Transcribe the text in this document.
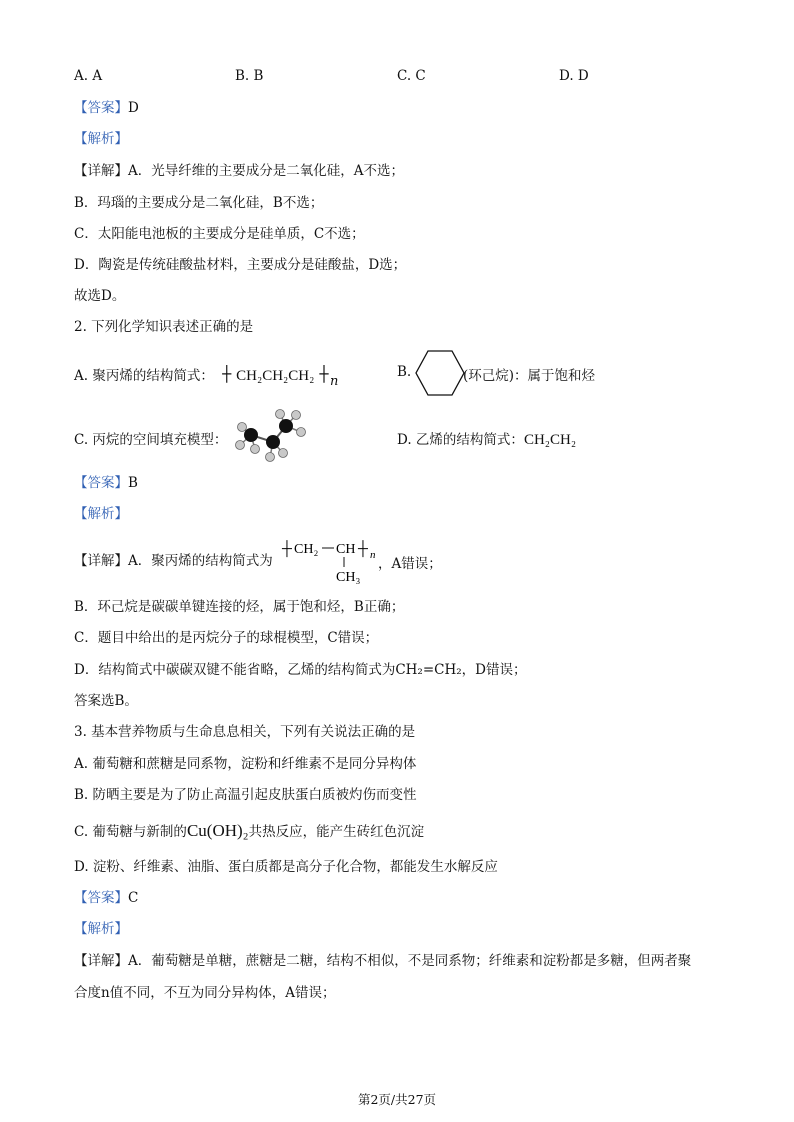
A. A	B. B	C. C	D. D
【答案】D
【解析】
【详解】A．光导纤维的主要成分是二氧化硅，A不选；
B．玛瑙的主要成分是二氧化硅，B不选；
C．太阳能电池板的主要成分是硅单质，C不选；
D．陶瓷是传统硅酸盐材料，主要成分是硅酸盐，D选；
故选D。
2. 下列化学知识表述正确的是
A. 聚丙烯的结构简式： ┼ CH₂CH₂CH₂ ┼ n
B.	(环己烷)：属于饱和烃
C. 丙烷的空间填充模型：	D. 乙烯的结构简式：CH₂CH₂
【答案】B
【解析】
【详解】A．聚丙烯的结构简式为
┼ CH₂ CH ┼ n
CH₃
，A错误；
B．环己烷是碳碳单键连接的烃，属于饱和烃，B正确；
C．题目中给出的是丙烷分子的球棍模型，C错误；
D．结构简式中碳碳双键不能省略，乙烯的结构简式为CH₂=CH₂，D错误；
答案选B。
3. 基本营养物质与生命息息相关，下列有关说法正确的是
A. 葡萄糖和蔗糖是同系物，淀粉和纤维素不是同分异构体
B. 防晒主要是为了防止高温引起皮肤蛋白质被灼伤而变性
C. 葡萄糖与新制的Cu(OH)₂共热反应，能产生砖红色沉淀
D. 淀粉、纤维素、油脂、蛋白质都是高分子化合物，都能发生水解反应
【答案】C
【解析】
【详解】A．葡萄糖是单糖，蔗糖是二糖，结构不相似，不是同系物；纤维素和淀粉都是多糖，但两者聚
合度n值不同，不互为同分异构体，A错误；
第2页/共27页
